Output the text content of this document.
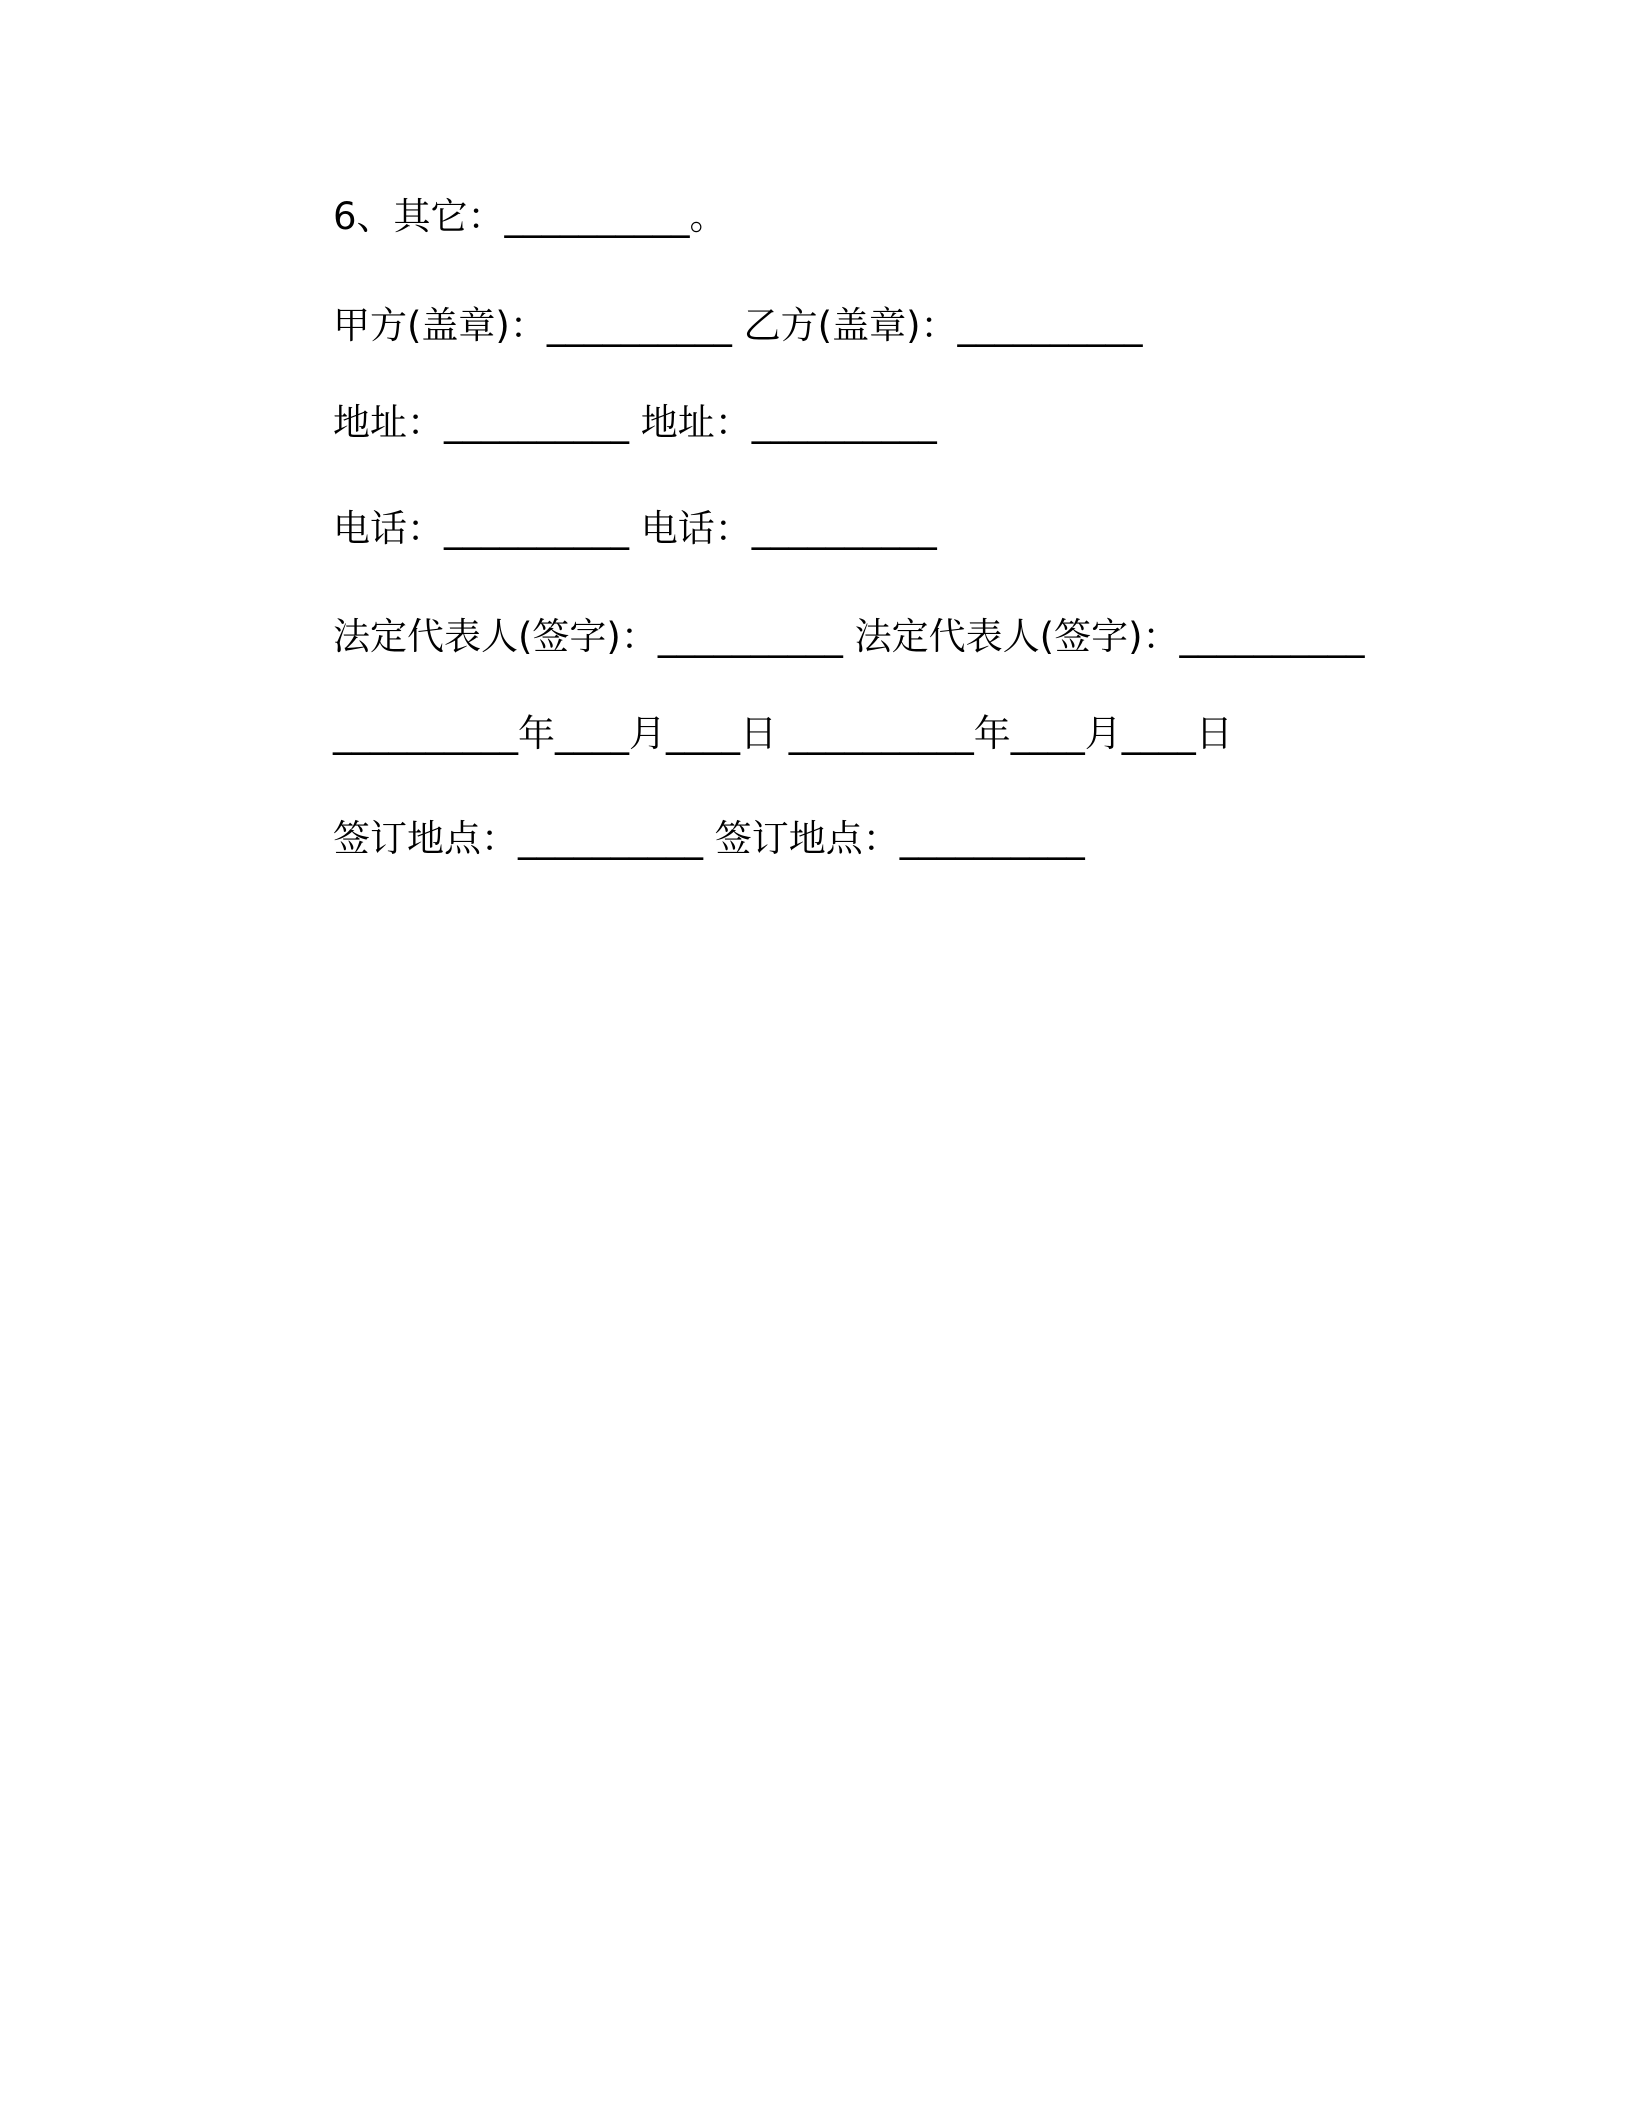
6、其它：__________。
甲方(盖章)：__________ 乙方(盖章)：__________
地址：__________ 地址：__________
电话：__________ 电话：__________
法定代表人(签字)：__________ 法定代表人(签字)：__________
__________年____月____日 __________年____月____日
签订地点：__________ 签订地点：__________
